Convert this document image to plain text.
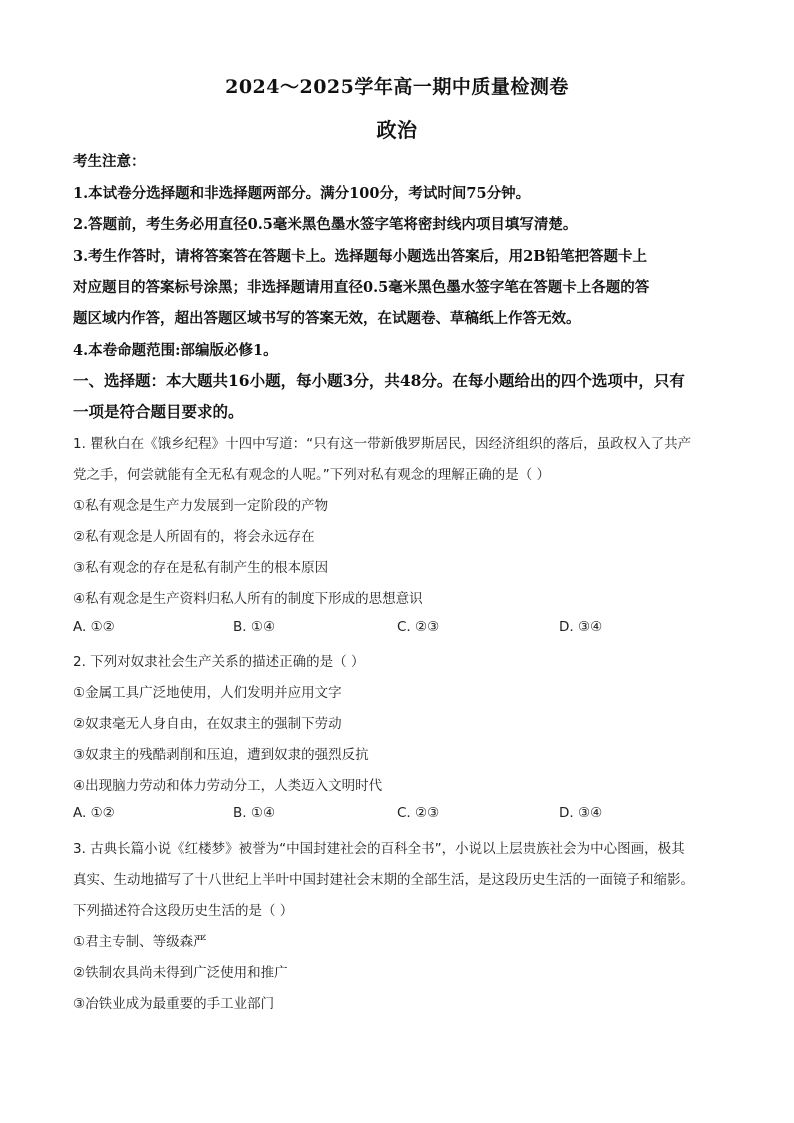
2024～2025学年高一期中质量检测卷
政治
考生注意：
1.本试卷分选择题和非选择题两部分。满分100分，考试时间75分钟。
2.答题前，考生务必用直径0.5毫米黑色墨水签字笔将密封线内项目填写清楚。
3.考生作答时，请将答案答在答题卡上。选择题每小题选出答案后，用2B铅笔把答题卡上
对应题目的答案标号涂黑；非选择题请用直径0.5毫米黑色墨水签字笔在答题卡上各题的答
题区域内作答，超出答题区域书写的答案无效，在试题卷、草稿纸上作答无效。
4.本卷命题范围:部编版必修1。
一、选择题：本大题共16小题，每小题3分，共48分。在每小题给出的四个选项中，只有
一项是符合题目要求的。
1. 瞿秋白在《饿乡纪程》十四中写道：“只有这一带新俄罗斯居民，因经济组织的落后，虽政权入了共产
党之手，何尝就能有全无私有观念的人呢。”下列对私有观念的理解正确的是（ ）
①私有观念是生产力发展到一定阶段的产物
②私有观念是人所固有的，将会永远存在
③私有观念的存在是私有制产生的根本原因
④私有观念是生产资料归私人所有的制度下形成的思想意识
A. ①②	B. ①④	C. ②③	D. ③④
2. 下列对奴隶社会生产关系的描述正确的是（ ）
①金属工具广泛地使用，人们发明并应用文字
②奴隶毫无人身自由，在奴隶主的强制下劳动
③奴隶主的残酷剥削和压迫，遭到奴隶的强烈反抗
④出现脑力劳动和体力劳动分工，人类迈入文明时代
A. ①②	B. ①④	C. ②③	D. ③④
3. 古典长篇小说《红楼梦》被誉为“中国封建社会的百科全书”，小说以上层贵族社会为中心图画，极其
真实、生动地描写了十八世纪上半叶中国封建社会末期的全部生活，是这段历史生活的一面镜子和缩影。
下列描述符合这段历史生活的是（ ）
①君主专制、等级森严
②铁制农具尚未得到广泛使用和推广
③冶铁业成为最重要的手工业部门
